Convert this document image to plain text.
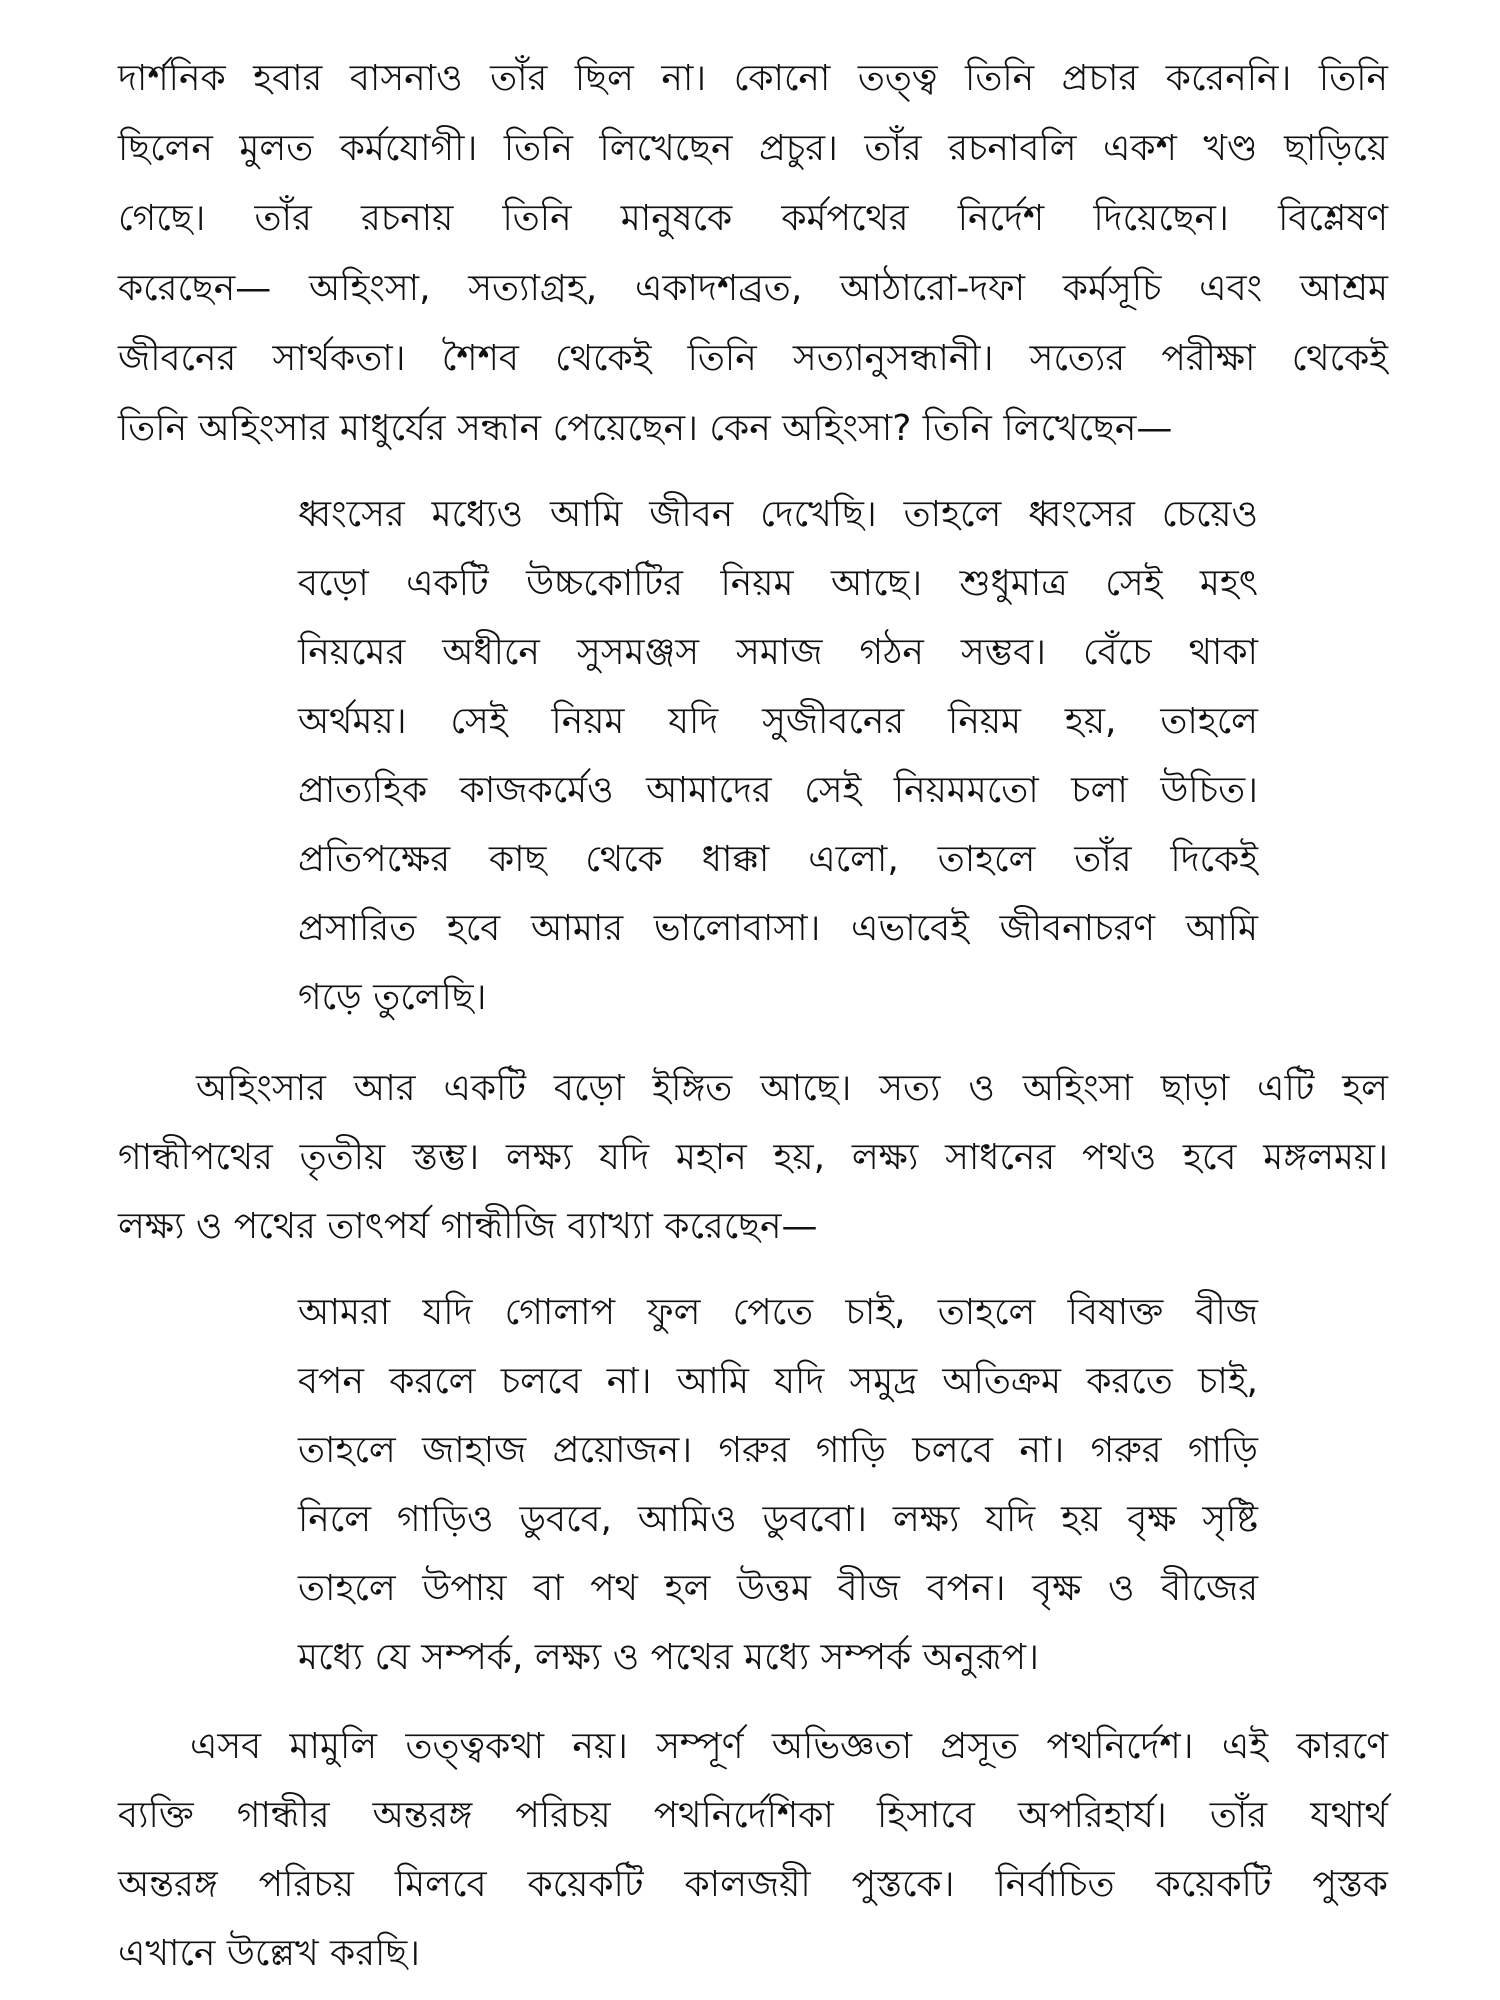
দার্শনিক হবার বাসনাও তাঁর ছিল না। কোনো তত্ত্ব তিনি প্রচার করেননি। তিনি
ছিলেন মুলত কর্মযোগী। তিনি লিখেছেন প্রচুর। তাঁর রচনাবলি একশ খণ্ড ছাড়িয়ে
গেছে। তাঁর রচনায় তিনি মানুষকে কর্মপথের নির্দেশ দিয়েছেন। বিশ্লেষণ
করেছেন— অহিংসা, সত্যাগ্রহ, একাদশব্রত, আঠারো-দফা কর্মসূচি এবং আশ্রম
জীবনের সার্থকতা। শৈশব থেকেই তিনি সত্যানুসন্ধানী। সত্যের পরীক্ষা থেকেই
তিনি অহিংসার মাধুর্যের সন্ধান পেয়েছেন। কেন অহিংসা? তিনি লিখেছেন—
ধ্বংসের মধ্যেও আমি জীবন দেখেছি। তাহলে ধ্বংসের চেয়েও
বড়ো একটি উচ্চকোটির নিয়ম আছে। শুধুমাত্র সেই মহৎ
নিয়মের অধীনে সুসমঞ্জস সমাজ গঠন সম্ভব। বেঁচে থাকা
অর্থময়। সেই নিয়ম যদি সুজীবনের নিয়ম হয়, তাহলে
প্রাত্যহিক কাজকর্মেও আমাদের সেই নিয়মমতো চলা উচিত।
প্রতিপক্ষের কাছ থেকে ধাক্কা এলো, তাহলে তাঁর দিকেই
প্রসারিত হবে আমার ভালোবাসা। এভাবেই জীবনাচরণ আমি
গড়ে তুলেছি।
অহিংসার আর একটি বড়ো ইঙ্গিত আছে। সত্য ও অহিংসা ছাড়া এটি হল
গান্ধীপথের তৃতীয় স্তম্ভ। লক্ষ্য যদি মহান হয়, লক্ষ্য সাধনের পথও হবে মঙ্গলময়।
লক্ষ্য ও পথের তাৎপর্য গান্ধীজি ব্যাখ্যা করেছেন—
আমরা যদি গোলাপ ফুল পেতে চাই, তাহলে বিষাক্ত বীজ
বপন করলে চলবে না। আমি যদি সমুদ্র অতিক্রম করতে চাই,
তাহলে জাহাজ প্রয়োজন। গরুর গাড়ি চলবে না। গরুর গাড়ি
নিলে গাড়িও ডুববে, আমিও ডুববো। লক্ষ্য যদি হয় বৃক্ষ সৃষ্টি
তাহলে উপায় বা পথ হল উত্তম বীজ বপন। বৃক্ষ ও বীজের
মধ্যে যে সম্পর্ক, লক্ষ্য ও পথের মধ্যে সম্পর্ক অনুরূপ।
এসব মামুলি তত্ত্বকথা নয়। সম্পূর্ণ অভিজ্ঞতা প্রসূত পথনির্দেশ। এই কারণে
ব্যক্তি গান্ধীর অন্তরঙ্গ পরিচয় পথনির্দেশিকা হিসাবে অপরিহার্য। তাঁর যথার্থ
অন্তরঙ্গ পরিচয় মিলবে কয়েকটি কালজয়ী পুস্তকে। নির্বাচিত কয়েকটি পুস্তক
এখানে উল্লেখ করছি।
